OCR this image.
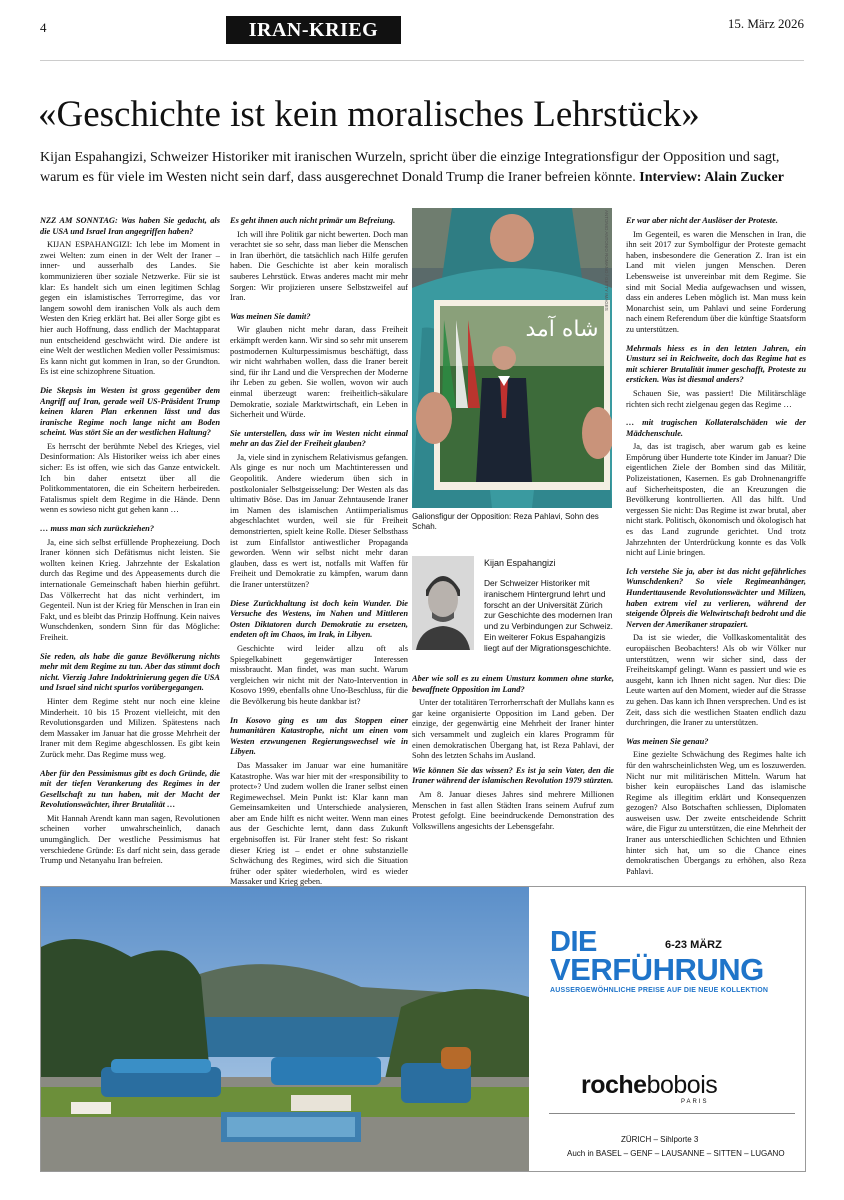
4	IRAN-KRIEG	15. März 2026
«Geschichte ist kein moralisches Lehrstück»

Kijan Espahangizi, Schweizer Historiker mit iranischen Wurzeln, spricht über die einzige Integrationsfigur der Opposition und sagt, warum es für viele im Westen nicht sein darf, dass ausgerechnet Donald Trump die Iraner befreien könnte. Interview: Alain Zucker

NZZ AM SONNTAG: Was haben Sie gedacht, als die USA und Israel Iran angegriffen haben?

KIJAN ESPAHANGIZI: Ich lebe im Moment in zwei Welten: zum einen in der Welt der Iraner – inner- und ausserhalb des Landes. Sie kommunizieren über soziale Netzwerke. Für sie ist klar: Es handelt sich um einen legitimen Schlag gegen ein islamistisches Terrorregime, das vor langem sowohl dem iranischen Volk als auch dem Westen den Krieg erklärt hat. Bei aller Sorge gibt es hier auch Hoffnung, dass endlich der Machtapparat nun entscheidend geschwächt wird. Die andere ist eine Welt der westlichen Medien voller Pessimismus: Es kann nicht gut kommen in Iran, so der Grundton. Es ist eine schizophrene Situation.

Die Skepsis im Westen ist gross gegenüber dem Angriff auf Iran, gerade weil US-Präsident Trump keinen klaren Plan erkennen lässt und das iranische Regime noch lange nicht am Boden scheint. Was stört Sie an der westlichen Haltung?

Es herrscht der berühmte Nebel des Krieges, viel Desinformation: Als Historiker weiss ich aber eines sicher: Es ist offen, wie sich das Ganze entwickelt. Ich bin daher entsetzt über all die Politkommentatoren, die ein Scheitern herbeireden. Fatalismus spielt dem Regime in die Hände. Denn wenn es sowieso nicht gut gehen kann …

… muss man sich zurückziehen?

Ja, eine sich selbst erfüllende Prophezeiung. Doch Iraner können sich Defätismus nicht leisten. Sie wollten keinen Krieg. Jahrzehnte der Eskalation durch das Regime und des Appeasements durch die internationale Gemeinschaft haben hierhin geführt. Das Völkerrecht hat das nicht verhindert, im Gegenteil. Nun ist der Krieg für Menschen in Iran ein Fakt, und es bleibt das Prinzip Hoffnung. Kein naives Wunschdenken, sondern Sinn für das Mögliche: Freiheit.

Sie reden, als habe die ganze Bevölkerung nichts mehr mit dem Regime zu tun. Aber das stimmt doch nicht. Vierzig Jahre Indoktrinierung gegen die USA und Israel sind nicht spurlos vorübergegangen.

Hinter dem Regime steht nur noch eine kleine Minderheit. 10 bis 15 Prozent vielleicht, mit den Revolutionsgarden und Milizen. Spätestens nach dem Massaker im Januar hat die grosse Mehrheit der Iraner mit dem Regime abgeschlossen. Es gibt kein Zurück mehr. Das Regime muss weg.

Aber für den Pessimismus gibt es doch Gründe, die mit der tiefen Verankerung des Regimes in der Gesellschaft zu tun haben, mit der Macht der Revolutionswächter, ihrer Brutalität …

Mit Hannah Arendt kann man sagen, Revolutionen scheinen vorher unwahrscheinlich, danach unumgänglich. Der westliche Pessimismus hat verschiedene Gründe: Es darf nicht sein, dass gerade Trump und Netanyahu Iran befreien.

Es geht ihnen auch nicht primär um Befreiung.

Ich will ihre Politik gar nicht bewerten. Doch man verachtet sie so sehr, dass man lieber die Menschen in Iran überhört, die tatsächlich nach Hilfe gerufen haben. Die Geschichte ist aber kein moralisch sauberes Lehrstück. Etwas anderes macht mir mehr Sorgen: Wir projizieren unsere Selbstzweifel auf Iran.

Was meinen Sie damit?

Wir glauben nicht mehr daran, dass Freiheit erkämpft werden kann. Wir sind so sehr mit unserem postmodernen Kulturpessimismus beschäftigt, dass wir nicht wahrhaben wollen, dass die Iraner bereit sind, für ihr Land und die Versprechen der Moderne ihr Leben zu geben. Sie wollen, wovon wir auch einmal überzeugt waren: freiheitlich-säkulare Demokratie, soziale Marktwirtschaft, ein Leben in Sicherheit und Würde.

Sie unterstellen, dass wir im Westen nicht einmal mehr an das Ziel der Freiheit glauben?

Ja, viele sind in zynischem Relativismus gefangen. Als ginge es nur noch um Machtinteressen und Geopolitik. Andere wiederum üben sich in postkolonialer Selbstgeisselung: Der Westen als das ultimativ Böse. Das im Januar Zehntausende Iraner im Namen des islamischen Antiimperialismus abgeschlachtet wurden, weil sie für Freiheit demonstrierten, spielt keine Rolle. Dieser Selbsthass ist zum Einfallstor antiwestlicher Propaganda geworden. Wenn wir selbst nicht mehr daran glauben, dass es wert ist, notfalls mit Waffen für Freiheit und Demokratie zu kämpfen, warum dann die Iraner unterstützen?

Diese Zurückhaltung ist doch kein Wunder. Die Versuche des Westens, im Nahen und Mittleren Osten Diktatoren durch Demokratie zu ersetzen, endeten oft im Chaos, im Irak, in Libyen.

Geschichte wird leider allzu oft als Spiegelkabinett gegenwärtiger Interessen missbraucht. Man findet, was man sucht. Warum vergleichen wir nicht mit der Nato-Intervention in Kosovo 1999, ebenfalls ohne Uno-Beschluss, für die die Bevölkerung bis heute dankbar ist?

In Kosovo ging es um das Stoppen einer humanitären Katastrophe, nicht um einen vom Westen erzwungenen Regierungswechsel wie in Libyen.

Das Massaker im Januar war eine humanitäre Katastrophe. Was war hier mit der «responsibility to protect»? Und zudem wollen die Iraner selbst einen Regimewechsel. Mein Punkt ist: Klar kann man Gemeinsamkeiten und Unterschiede analysieren, aber am Ende hilft es nicht weiter. Wenn man eines aus der Geschichte lernt, dann dass Zukunft ergebnisoffen ist. Für Iraner steht fest: So riskant dieser Krieg ist – endet er ohne substanzielle Schwächung des Regimes, wird sich die Situation früher oder später wiederholen, wird es wieder Massaker und Krieg geben.

شاه آمد
ANTONIO ANTONIO ROMANO / GETTY IMAGES
Galionsfigur der Opposition: Reza Pahlavi, Sohn des Schah.
Kijan Espahangizi
Der Schweizer Historiker mit iranischem Hintergrund lehrt und forscht an der Universität Zürich zur Geschichte des modernen Iran und zu Verbindungen zur Schweiz. Ein weiterer Fokus Espahangizis liegt auf der Migrationsgeschichte.

Aber wie soll es zu einem Umsturz kommen ohne starke, bewaffnete Opposition im Land?

Unter der totalitären Terrorherrschaft der Mullahs kann es gar keine organisierte Opposition im Land geben. Der einzige, der gegenwärtig eine Mehrheit der Iraner hinter sich versammelt und zugleich ein klares Programm für einen demokratischen Übergang hat, ist Reza Pahlavi, der Sohn des letzten Schahs im Ausland.

Wie können Sie das wissen? Es ist ja sein Vater, den die Iraner während der islamischen Revolution 1979 stürzten.

Am 8. Januar dieses Jahres sind mehrere Millionen Menschen in fast allen Städten Irans seinem Aufruf zum Protest gefolgt. Eine beeindruckende Demonstration des Volkswillens angesichts der Lebensgefahr.

Er war aber nicht der Auslöser der Proteste.

Im Gegenteil, es waren die Menschen in Iran, die ihn seit 2017 zur Symbolfigur der Proteste gemacht haben, insbesondere die Generation Z. Iran ist ein Land mit vielen jungen Menschen. Deren Lebensweise ist unvereinbar mit dem Regime. Sie sind mit Social Media aufgewachsen und wissen, dass ein anderes Leben möglich ist. Man muss kein Monarchist sein, um Pahlavi und seine Forderung nach einem Referendum über die künftige Staatsform zu unterstützen.

Mehrmals hiess es in den letzten Jahren, ein Umsturz sei in Reichweite, doch das Regime hat es mit schierer Brutalität immer geschafft, Proteste zu ersticken. Was ist diesmal anders?

Schauen Sie, was passiert! Die Militärschläge richten sich recht zielgenau gegen das Regime …

… mit tragischen Kollateralschäden wie der Mädchenschule.

Ja, das ist tragisch, aber warum gab es keine Empörung über Hunderte tote Kinder im Januar? Die eigentlichen Ziele der Bomben sind das Militär, Polizeistationen, Kasernen. Es gab Drohnenangriffe auf Sicherheitsposten, die an Kreuzungen die Bevölkerung kontrollierten. All das hilft. Und vergessen Sie nicht: Das Regime ist zwar brutal, aber nicht stark. Politisch, ökonomisch und ökologisch hat es das Land zugrunde gerichtet. Und trotz Jahrzehnten der Unterdrückung konnte es das Volk nicht auf Linie bringen.

Ich verstehe Sie ja, aber ist das nicht gefährliches Wunschdenken? So viele Regimeanhänger, Hunderttausende Revolutionswächter und Milizen, haben extrem viel zu verlieren, während der steigende Ölpreis die Weltwirtschaft bedroht und die Nerven der Amerikaner strapaziert.

Da ist sie wieder, die Vollkaskomentalität des europäischen Beobachters! Als ob wir Völker nur unterstützen, wenn wir sicher sind, dass der Freiheitskampf gelingt. Wann es passiert und wie es ausgeht, kann ich Ihnen nicht sagen. Nur dies: Die Leute warten auf den Moment, wieder auf die Strasse zu gehen. Das kann ich Ihnen versprechen. Und es ist Zeit, dass sich die westlichen Staaten endlich dazu durchringen, die Iraner zu unterstützen.

Was meinen Sie genau?

Eine gezielte Schwächung des Regimes halte ich für den wahrscheinlichsten Weg, um es loszuwerden. Nicht nur mit militärischen Mitteln. Warum hat bisher kein europäisches Land das islamische Regime als illegitim erklärt und Konsequenzen gezogen? Also Botschaften schliessen, Diplomaten ausweisen usw. Der zweite entscheidende Schritt wäre, die Figur zu unterstützen, die eine Mehrheit der Iraner aus unterschiedlichen Schichten und Ethnien hinter sich hat, um so die Chance eines demokratischen Übergangs zu erhöhen, also Reza Pahlavi.

DIE	6-23 MÄRZ
VERFÜHRUNG
AUSSERGEWÖHNLICHE PREISE AUF DIE NEUE KOLLEKTION
rochebobois
PARIS
ZÜRICH – Sihlporte 3
Auch in BASEL – GENF – LAUSANNE – SITTEN – LUGANO
